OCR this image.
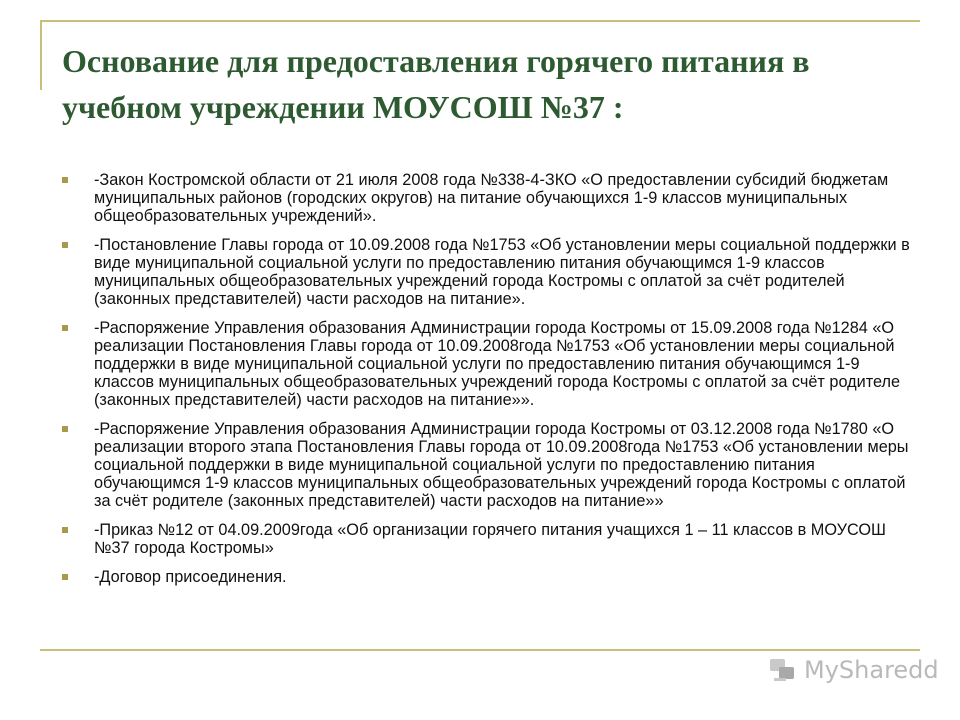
Основание для предоставления горячего питания в учебном учреждении МОУСОШ №37 :
-Закон Костромской области от 21 июля 2008 года №338-4-ЗКО «О предоставлении субсидий бюджетам муниципальных районов (городских округов) на питание обучающихся 1-9 классов муниципальных общеобразовательных учреждений».
-Постановление Главы города от 10.09.2008 года №1753 «Об установлении меры социальной поддержки в виде муниципальной социальной услуги по предоставлению питания обучающимся 1-9 классов муниципальных общеобразовательных учреждений города Костромы с оплатой за счёт родителей (законных представителей) части расходов на питание».
-Распоряжение Управления образования Администрации города Костромы от 15.09.2008 года №1284 «О реализации Постановления Главы города от 10.09.2008года №1753 «Об установлении меры социальной поддержки в виде муниципальной социальной услуги по предоставлению питания обучающимся 1-9 классов муниципальных общеобразовательных учреждений города Костромы с оплатой за счёт родителе (законных представителей) части расходов на питание»».
-Распоряжение Управления образования Администрации города Костромы от 03.12.2008 года №1780 «О реализации второго этапа Постановления Главы города от 10.09.2008года №1753 «Об установлении меры социальной поддержки в виде муниципальной социальной услуги по предоставлению питания обучающимся 1-9 классов муниципальных общеобразовательных учреждений города Костромы с оплатой за счёт родителе (законных представителей) части расходов на питание»»
-Приказ №12 от 04.09.2009года «Об организации горячего питания учащихся 1 – 11 классов в МОУСОШ №37 города Костромы»
-Договор присоединения.
MySharedd
